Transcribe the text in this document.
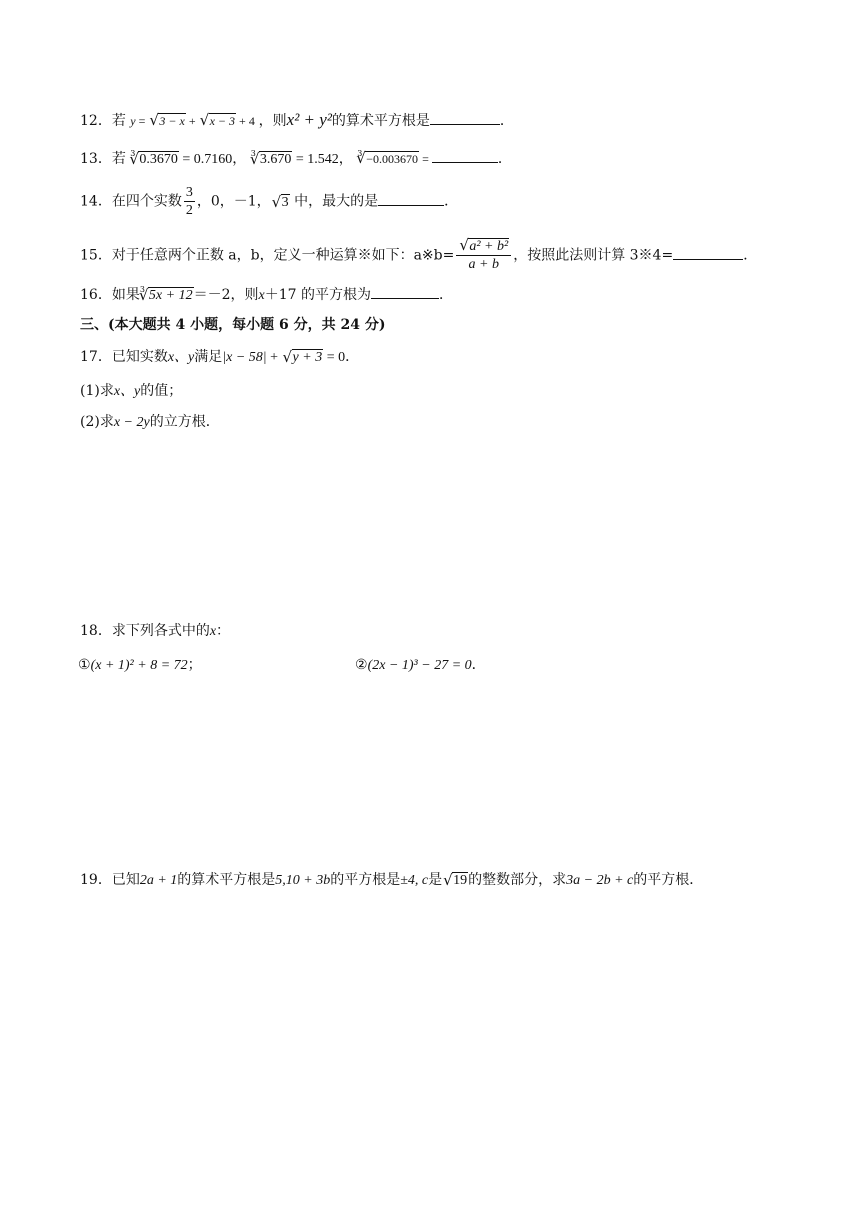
12．若 y = √ 3 − x + √ x − 3 + 4 ，则x² + y²的算术平方根是	．
13．若 $^3$ √ 0.3670 = 0.7160， $^3$ √ 3.670 = 1.542， $^3$ √ −0.003670 =	．
14．在四个实数 $\frac{3}{2}$ ，0，－1， √ 3 中，最大的是	．
15．对于任意两个正数 a，b，定义一种运算※如下：a※b= √ $\frac{\text{a² + b²}}{a + b}$ ，按照此法则计算 3※4=	．
16．如果$^3$ √ 5x + 12＝－2，则x＋17 的平方根为	．
三、(本大题共 4 小题，每小题 6 分，共 24 分)
17．已知实数x、y满足|x − 58| + √ y + 3 = 0．
(1)求x、y的值；
(2)求x − 2y的立方根．
18．求下列各式中的x：
①(x + 1)² + 8 = 72；	②(2x − 1)³ − 27 = 0．
19．已知2a + 1的算术平方根是5,10 + 3b的平方根是±4, c是 √ 19的整数部分，求3a − 2b + c的平方根．
